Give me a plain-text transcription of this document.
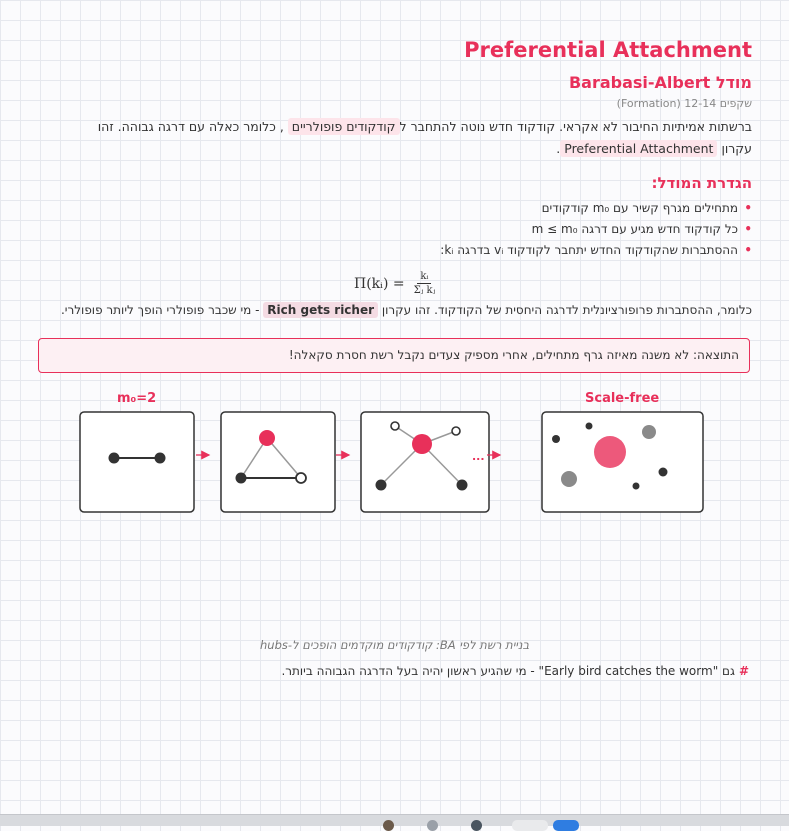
Preferential Attachment
מודל Barabasi-Albert
שקפים 12-14 (Formation)
ברשתות אמיתיות החיבור לא אקראי. קודקוד חדש נוטה להתחבר לקודקודים פופולריים , כלומר כאלה עם דרגה גבוהה. זהו עקרון Preferential Attachment.
הגדרת המודל:
• מתחילים מגרף קשיר עם m₀ קודקודים
• כל קודקוד חדש מגיע עם דרגה m ≤ m₀
• ההסתברות שהקודקוד החדש יתחבר לקודקוד vᵢ בדרגה kᵢ:
Π(kᵢ) = $\frac{\text{kᵢ}}{\text{Σⱼ kⱼ}}$
כלומר, ההסתברות פרופורציונלית לדרגה היחסית של הקודקוד. זהו עקרון Rich gets richer - מי שכבר פופולרי הופך ליותר פופולרי.
התוצאה: לא משנה מאיזה גרף מתחילים, אחרי מספיק צעדים נקבל רשת חסרת סקאלה!
m₀=2	Scale-free
...
בניית רשת לפי BA: קודקודים מוקדמים הופכים ל-hubs
#גם "Early bird catches the worm" - מי שהגיע ראשון יהיה בעל הדרגה הגבוהה ביותר.
